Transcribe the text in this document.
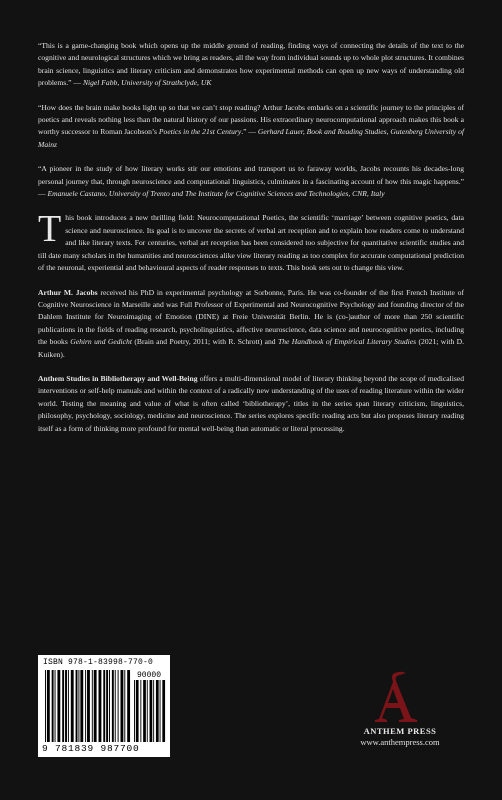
“This is a game-changing book which opens up the middle ground of reading, finding ways of connecting the details of the text to the cognitive and neurological structures which we bring as readers, all the way from individual sounds up to whole plot structures. It combines brain science, linguistics and literary criticism and demonstrates how experimental methods can open up new ways of understanding old problems.” — Nigel Fabb, University of Strathclyde, UK

“How does the brain make books light up so that we can’t stop reading? Arthur Jacobs embarks on a scientific journey to the principles of poetics and reveals nothing less than the natural history of our passions. His extraordinary neurocomputational approach makes this book a worthy successor to Roman Jacobson’s Poetics in the 21st Century.” — Gerhard Lauer, Book and Reading Studies, Gutenberg University of Mainz

“A pioneer in the study of how literary works stir our emotions and transport us to faraway worlds, Jacobs recounts his decades-long personal journey that, through neuroscience and computational linguistics, culminates in a fascinating account of how this magic happens.” — Emanuele Castano, University of Trento and The Institute for Cognitive Sciences and Technologies, CNR, Italy

This book introduces a new thrilling field: Neurocomputational Poetics, the scientific ‘marriage’ between cognitive poetics, data science and neuroscience. Its goal is to uncover the secrets of verbal art reception and to explain how readers come to understand and like literary texts. For centuries, verbal art reception has been considered too subjective for quantitative scientific studies and till date many scholars in the humanities and neurosciences alike view literary reading as too complex for accurate computational prediction of the neuronal, experiential and behavioural aspects of reader responses to texts. This book sets out to change this view.

Arthur M. Jacobs received his PhD in experimental psychology at Sorbonne, Paris. He was co-founder of the first French Institute of Cognitive Neuroscience in Marseille and was Full Professor of Experimental and Neurocognitive Psychology and founding director of the Dahlem Institute for Neuroimaging of Emotion (DINE) at Freie Universität Berlin. He is (co-)author of more than 250 scientific publications in the fields of reading research, psycholinguistics, affective neuroscience, data science and neurocognitive poetics, including the books Gehirn und Gedicht (Brain and Poetry, 2011; with R. Schrott) and The Handbook of Empirical Literary Studies (2021; with D. Kuiken).

Anthem Studies in Bibliotherapy and Well-Being offers a multi-dimensional model of literary thinking beyond the scope of medicalised interventions or self-help manuals and within the context of a radically new understanding of the uses of reading literature within the wider world. Testing the meaning and value of what is often called ‘bibliotherapy’, titles in the series span literary criticism, linguistics, philosophy, psychology, sociology, medicine and neuroscience. The series explores specific reading acts but also proposes literary reading itself as a form of thinking more profound for mental well-being than automatic or literal processing.

ISBN 978-1-83998-770-0
90000
9 781839 987700
ANTHEM PRESS
www.anthempress.com
